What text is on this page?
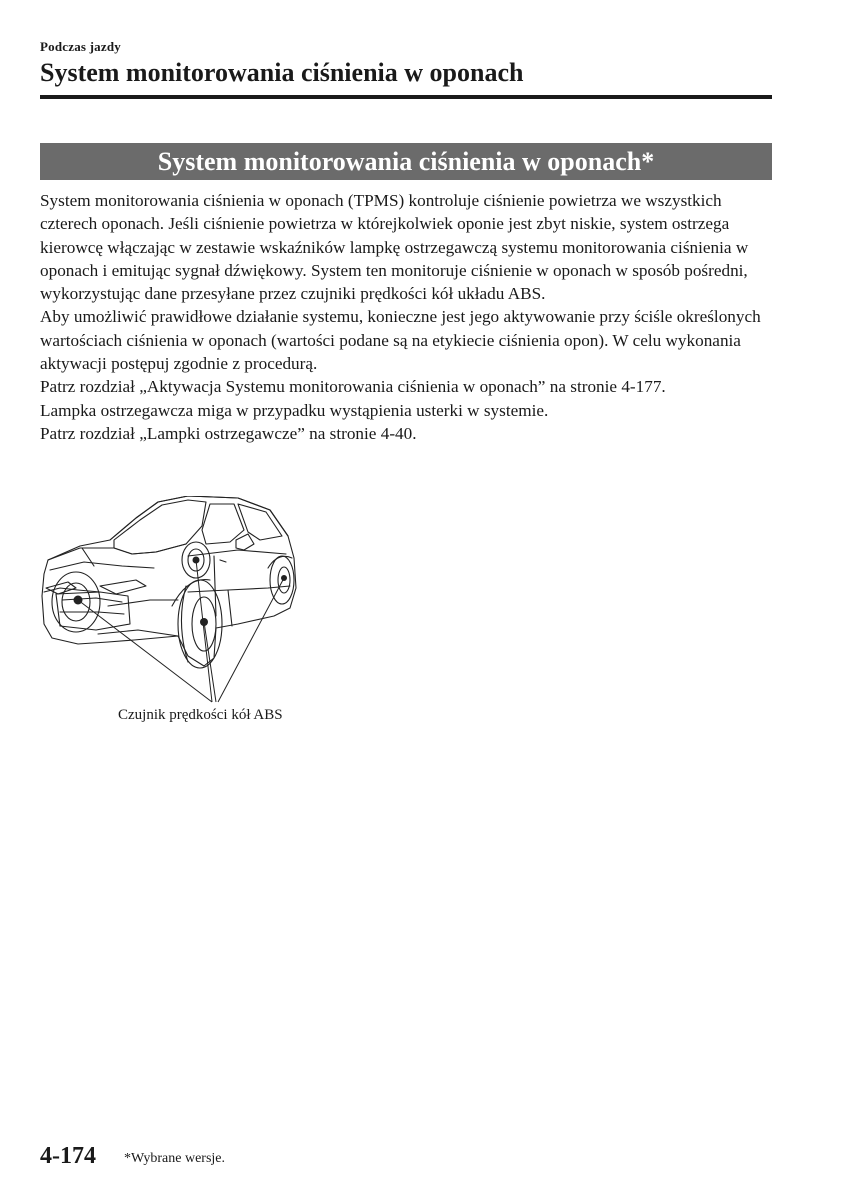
Podczas jazdy
System monitorowania ciśnienia w oponach
System monitorowania ciśnienia w oponach*

System monitorowania ciśnienia w oponach (TPMS) kontroluje ciśnienie powietrza we wszystkich czterech oponach. Jeśli ciśnienie powietrza w którejkolwiek oponie jest zbyt niskie, system ostrzega kierowcę włączając w zestawie wskaźników lampkę ostrzegawczą systemu monitorowania ciśnienia w oponach i emitując sygnał dźwiękowy. System ten monitoruje ciśnienie w oponach w sposób pośredni, wykorzystując dane przesyłane przez czujniki prędkości kół układu ABS.

Aby umożliwić prawidłowe działanie systemu, konieczne jest jego aktywowanie przy ściśle określonych wartościach ciśnienia w oponach (wartości podane są na etykiecie ciśnienia opon). W celu wykonania aktywacji postępuj zgodnie z procedurą.

Patrz rozdział „Aktywacja Systemu monitorowania ciśnienia w oponach” na stronie 4-177.

Lampka ostrzegawcza miga w przypadku wystąpienia usterki w systemie.

Patrz rozdział „Lampki ostrzegawcze” na stronie 4-40.

Czujnik prędkości kół ABS
4-174 *Wybrane wersje.
